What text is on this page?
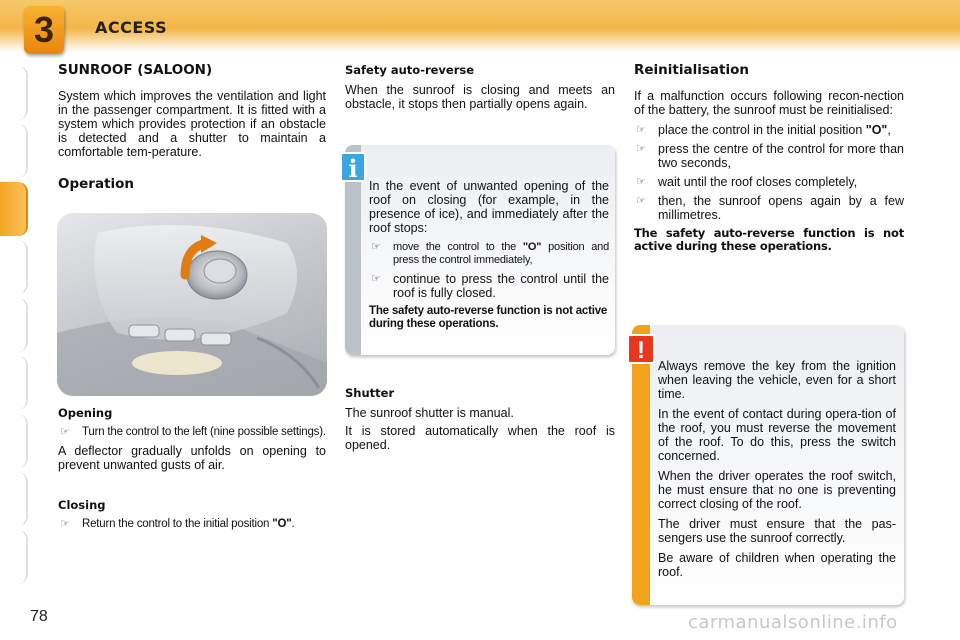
3	ACCESS
SUNROOF (SALOON)

System which improves the ventilation and light in the passenger compartment. It is fitted with a system which provides protection if an obstacle is detected and a shutter to maintain a comfortable tem-perature.

Operation
Opening
☞ Turn the control to the left (nine possible settings).

A deflector gradually unfolds on opening to prevent unwanted gusts of air.

Closing
☞ Return the control to the initial position "O".
Safety auto-reverse

When the sunroof is closing and meets an obstacle, it stops then partially opens again.

In the event of unwanted opening of the roof on closing (for example, in the presence of ice), and immediately after the roof stops:

☞ move the control to the "O" position and press the control immediately,
☞ continue to press the control until the roof is fully closed.

The safety auto-reverse function is not active during these operations.

i
Shutter

The sunroof shutter is manual.

It is stored automatically when the roof is opened.

Reinitialisation

If a malfunction occurs following recon-nection of the battery, the sunroof must be reinitialised:

☞ place the control in the initial position "O",
☞ press the centre of the control for more than two seconds,
☞ wait until the roof closes completely,
☞ then, the sunroof opens again by a few millimetres.

The safety auto-reverse function is not active during these operations.

Always remove the key from the ignition when leaving the vehicle, even for a short time.

In the event of contact during opera-tion of the roof, you must reverse the movement of the roof. To do this, press the switch concerned.

When the driver operates the roof switch, he must ensure that no one is preventing correct closing of the roof.

The driver must ensure that the pas-sengers use the sunroof correctly.

Be aware of children when operating the roof.

!
78	carmanualsonline.info
